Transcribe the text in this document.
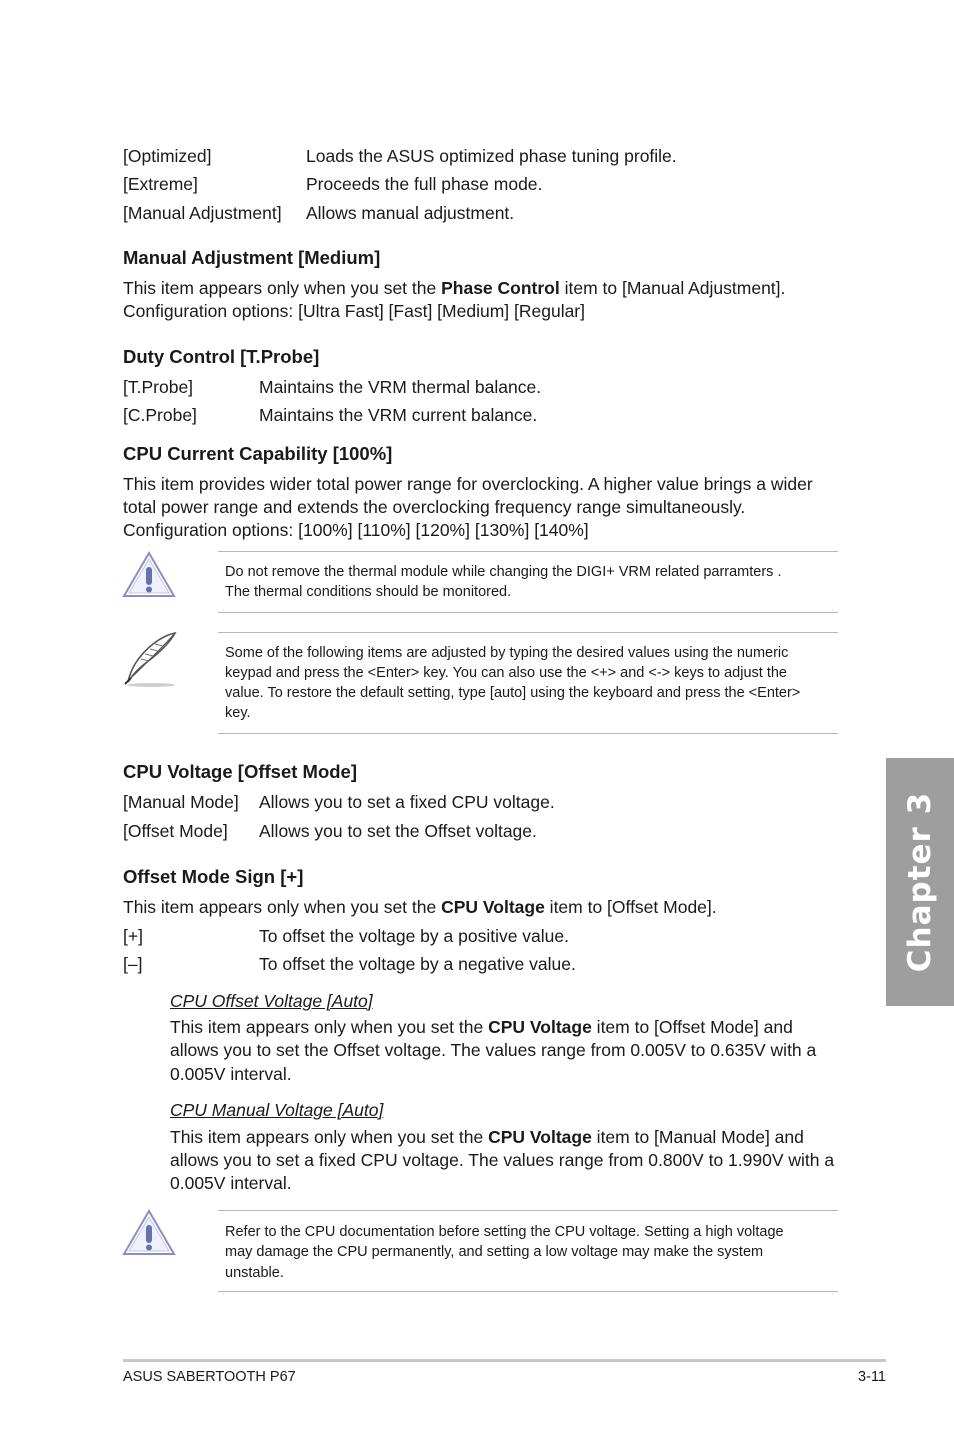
[Optimized]	Loads the ASUS optimized phase tuning profile.
[Extreme]	Proceeds the full phase mode.
[Manual Adjustment] Allows manual adjustment.
Manual Adjustment [Medium]
This item appears only when you set the Phase Control item to [Manual Adjustment].
Configuration options: [Ultra Fast] [Fast] [Medium] [Regular]
Duty Control [T.Probe]
[T.Probe]	Maintains the VRM thermal balance.
[C.Probe]	Maintains the VRM current balance.
CPU Current Capability [100%]
This item provides wider total power range for overclocking. A higher value brings a wider
total power range and extends the overclocking frequency range simultaneously.
Configuration options: [100%] [110%] [120%] [130%] [140%]
Do not remove the thermal module while changing the DIGI+ VRM related parramters .
The thermal conditions should be monitored.
Some of the following items are adjusted by typing the desired values using the numeric
keypad and press the <Enter> key. You can also use the <+> and <-> keys to adjust the
value. To restore the default setting, type [auto] using the keyboard and press the <Enter>
key.
CPU Voltage [Offset Mode]
[Manual Mode] Allows you to set a fixed CPU voltage.
[Offset Mode] Allows you to set the Offset voltage.
Offset Mode Sign [+]
This item appears only when you set the CPU Voltage item to [Offset Mode].
[+]	To offset the voltage by a positive value.
[–]	To offset the voltage by a negative value.
CPU Offset Voltage [Auto]
This item appears only when you set the CPU Voltage item to [Offset Mode] and
allows you to set the Offset voltage. The values range from 0.005V to 0.635V with a
0.005V interval.
CPU Manual Voltage [Auto]
This item appears only when you set the CPU Voltage item to [Manual Mode] and
allows you to set a fixed CPU voltage. The values range from 0.800V to 1.990V with a
0.005V interval.
Refer to the CPU documentation before setting the CPU voltage. Setting a high voltage
may damage the CPU permanently, and setting a low voltage may make the system
unstable.
Chapter 3
ASUS SABERTOOTH P67	3-11
